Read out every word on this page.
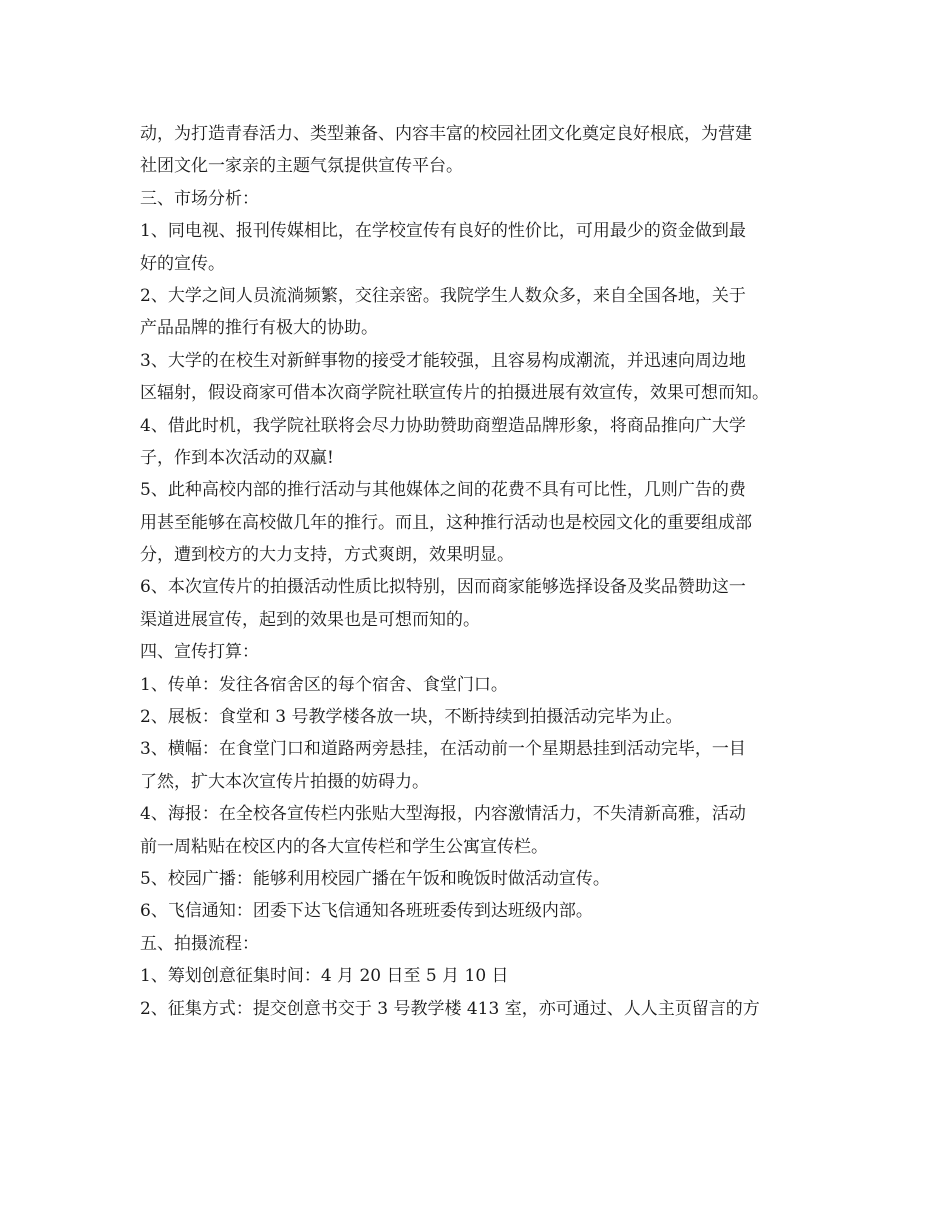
动，为打造青春活力、类型兼备、内容丰富的校园社团文化奠定良好根底，为营建

社团文化一家亲的主题气氛提供宣传平台。

三、市场分析：

1、同电视、报刊传媒相比，在学校宣传有良好的性价比，可用最少的资金做到最

好的宣传。

2、大学之间人员流淌频繁，交往亲密。我院学生人数众多，来自全国各地，关于

产品品牌的推行有极大的协助。

3、大学的在校生对新鲜事物的接受才能较强，且容易构成潮流，并迅速向周边地

区辐射，假设商家可借本次商学院社联宣传片的拍摄进展有效宣传，效果可想而知。

4、借此时机，我学院社联将会尽力协助赞助商塑造品牌形象，将商品推向广大学

子，作到本次活动的双赢!

5、此种高校内部的推行活动与其他媒体之间的花费不具有可比性，几则广告的费

用甚至能够在高校做几年的推行。而且，这种推行活动也是校园文化的重要组成部

分，遭到校方的大力支持，方式爽朗，效果明显。

6、本次宣传片的拍摄活动性质比拟特别，因而商家能够选择设备及奖品赞助这一

渠道进展宣传，起到的效果也是可想而知的。

四、宣传打算：

1、传单：发往各宿舍区的每个宿舍、食堂门口。

2、展板：食堂和 3 号教学楼各放一块，不断持续到拍摄活动完毕为止。

3、横幅：在食堂门口和道路两旁悬挂，在活动前一个星期悬挂到活动完毕，一目

了然，扩大本次宣传片拍摄的妨碍力。

4、海报：在全校各宣传栏内张贴大型海报，内容激情活力，不失清新高雅，活动

前一周粘贴在校区内的各大宣传栏和学生公寓宣传栏。

5、校园广播：能够利用校园广播在午饭和晚饭时做活动宣传。

6、飞信通知：团委下达飞信通知各班班委传到达班级内部。

五、拍摄流程：

1、筹划创意征集时间：4 月 20 日至 5 月 10 日

2、征集方式：提交创意书交于 3 号教学楼 413 室，亦可通过、人人主页留言的方
